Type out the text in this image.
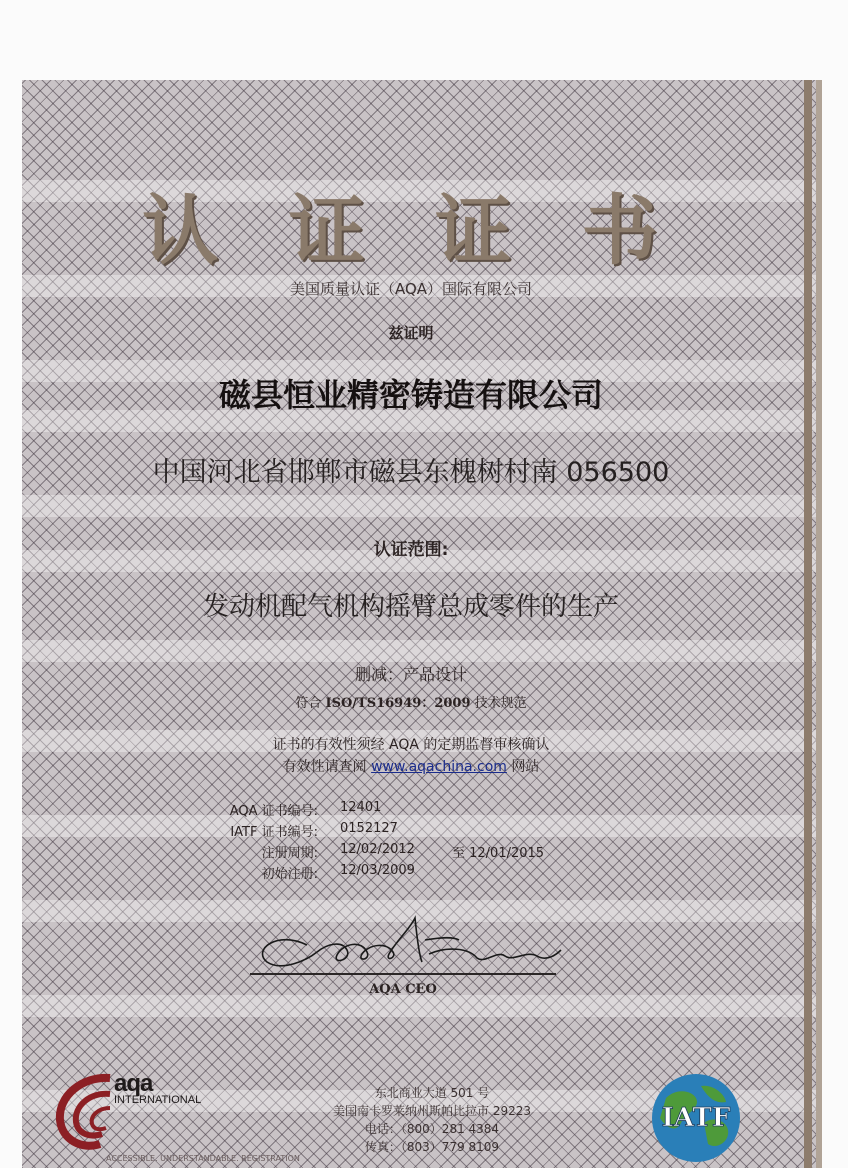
认 证 证 书
美国质量认证（AQA）国际有限公司
兹证明
磁县恒业精密铸造有限公司
中国河北省邯郸市磁县东槐树村南 056500
认证范围:
发动机配气机构摇臂总成零件的生产
删减：产品设计
符合 ISO/TS16949：2009 技术规范
证书的有效性须经 AQA 的定期监督审核确认
有效性请查阅 www.aqachina.com 网站
AQA 证书编号: 12401
IATF 证书编号: 0152127
注册周期: 12/02/2012	至 12/01/2015
初始注册: 12/03/2009
AQA CEO
aqa
INTERNATIONAL
ACCESSIBLE. UNDERSTANDABLE. REGISTRATION
东北商业大道 501 号
美国南卡罗莱纳州斯帕比拉市 29223
电话：（800）281 4384
传真：（803）779 8109
IATF
